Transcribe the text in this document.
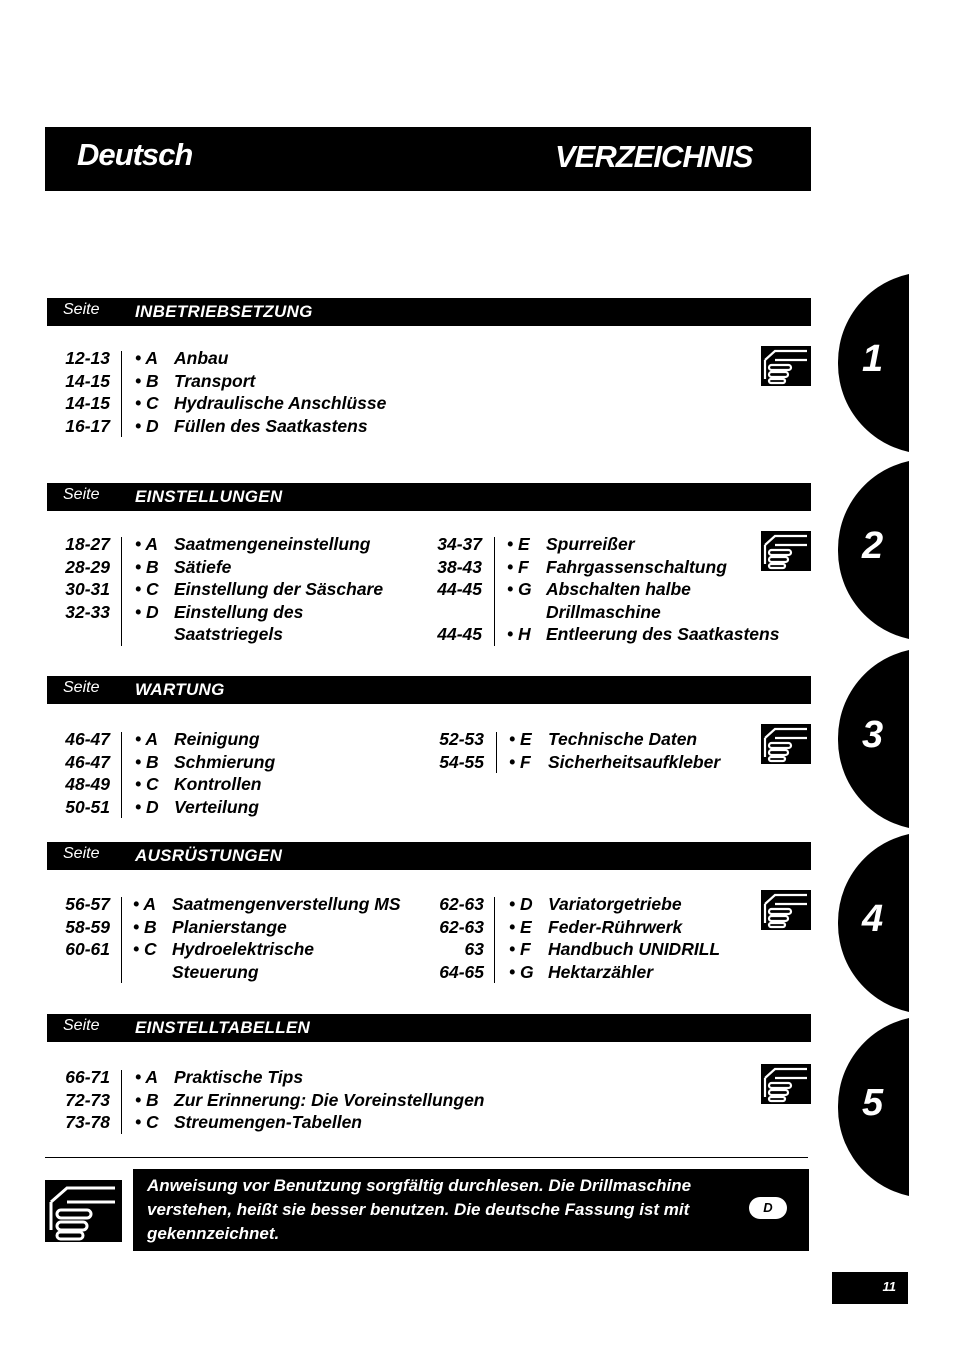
Deutsch	VERZEICHNIS
Seite INBETRIEBSETZUNG
12-13
14-15
14-15
16-17
• A Anbau
• B Transport
• C Hydraulische Anschlüsse
• D Füllen des Saatkastens
Seite EINSTELLUNGEN
18-27
28-29
30-31
32-33
• A Saatmengeneinstellung
• B Sätiefe
• C Einstellung der Säschare
• D Einstellung des
Saatstriegels
34-37
38-43
44-45
44-45
• E Spurreißer
• F Fahrgassenschaltung
• G Abschalten halbe
Drillmaschine
• H Entleerung des Saatkastens
Seite WARTUNG
46-47
46-47
48-49
50-51
• A Reinigung
• B Schmierung
• C Kontrollen
• D Verteilung
52-53
54-55
• E Technische Daten
• F Sicherheitsaufkleber
Seite AUSRÜSTUNGEN
56-57
58-59
60-61
• A Saatmengenverstellung MS
• B Planierstange
• C Hydroelektrische
Steuerung
62-63
62-63
63
64-65
• D Variatorgetriebe
• E Feder-Rührwerk
• F Handbuch UNIDRILL
• G Hektarzähler
Seite EINSTELLTABELLEN
66-71
72-73
73-78
• A Praktische Tips
• B Zur Erinnerung: Die Voreinstellungen
• C Streumengen-Tabellen
1
2
3
4
5
Anweisung vor Benutzung sorgfältig durchlesen. Die Drillmaschine verstehen, heißt sie besser benutzen. Die deutsche Fassung ist mit gekennzeichnet.
D
11
